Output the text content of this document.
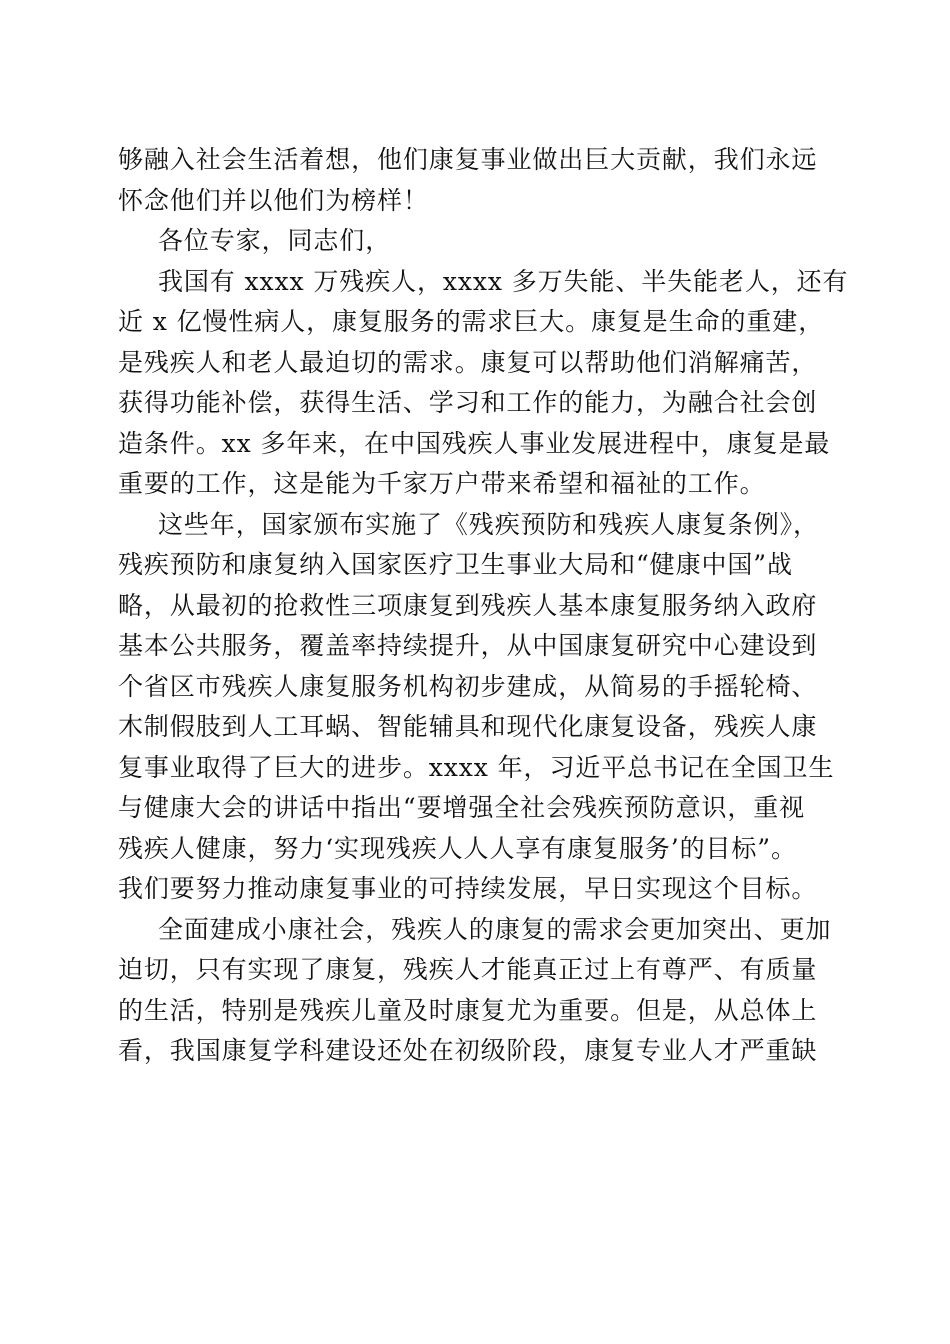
够融入社会生活着想，他们康复事业做出巨大贡献，我们永远
怀念他们并以他们为榜样！
各位专家，同志们，
我国有 xxxx 万残疾人，xxxx 多万失能、半失能老人，还有
近 x 亿慢性病人，康复服务的需求巨大。康复是生命的重建，
是残疾人和老人最迫切的需求。康复可以帮助他们消解痛苦，
获得功能补偿，获得生活、学习和工作的能力，为融合社会创
造条件。xx 多年来，在中国残疾人事业发展进程中，康复是最
重要的工作，这是能为千家万户带来希望和福祉的工作。
这些年，国家颁布实施了《残疾预防和残疾人康复条例》，
残疾预防和康复纳入国家医疗卫生事业大局和“健康中国”战
略，从最初的抢救性三项康复到残疾人基本康复服务纳入政府
基本公共服务，覆盖率持续提升，从中国康复研究中心建设到
个省区市残疾人康复服务机构初步建成，从简易的手摇轮椅、
木制假肢到人工耳蜗、智能辅具和现代化康复设备，残疾人康
复事业取得了巨大的进步。xxxx 年，习近平总书记在全国卫生
与健康大会的讲话中指出“要增强全社会残疾预防意识，重视
残疾人健康，努力‘实现残疾人人人享有康复服务’的目标”。
我们要努力推动康复事业的可持续发展，早日实现这个目标。
全面建成小康社会，残疾人的康复的需求会更加突出、更加
迫切，只有实现了康复，残疾人才能真正过上有尊严、有质量
的生活，特别是残疾儿童及时康复尤为重要。但是，从总体上
看，我国康复学科建设还处在初级阶段，康复专业人才严重缺
